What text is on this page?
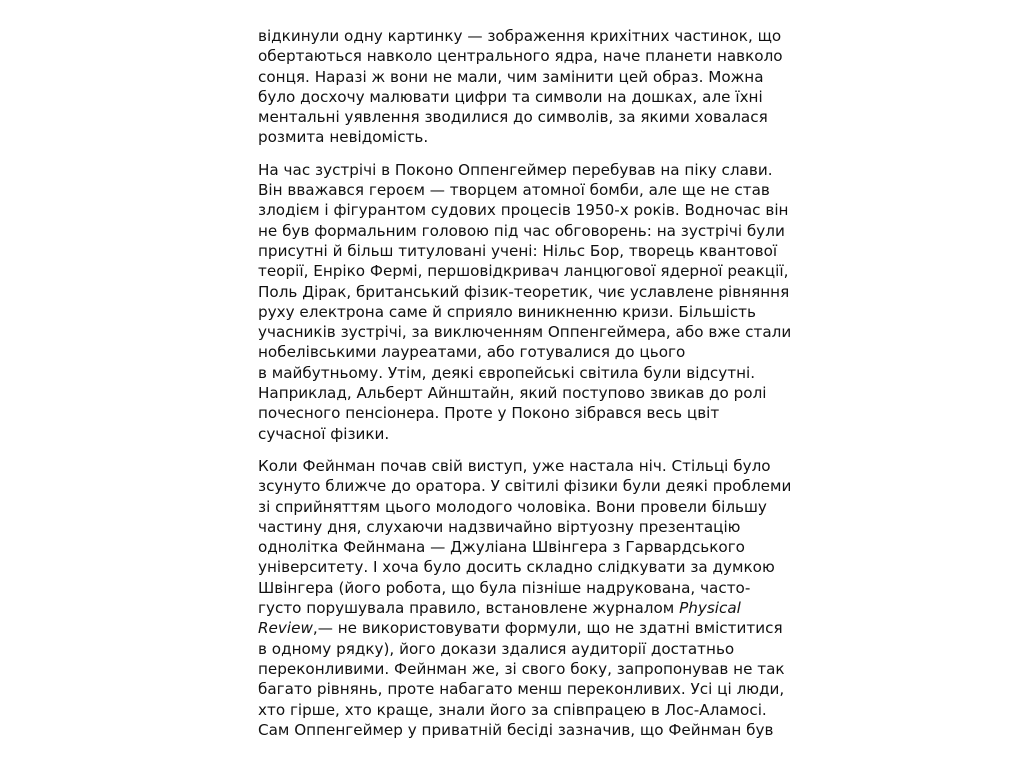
відкинули одну картинку — зображення крихітних частинок, що
обертаються навколо центрального ядра, наче планети навколо
сонця. Наразі ж вони не мали, чим замінити цей образ. Можна
було досхочу малювати цифри та символи на дошках, але їхні
ментальні уявлення зводилися до символів, за якими ховалася
розмита невідомість.

На час зустрічі в Поконо Оппенгеймер перебував на піку слави.
Він вважався героєм — творцем атомної бомби, але ще не став
злодієм і фігурантом судових процесів 1950-х років. Водночас він
не був формальним головою під час обговорень: на зустрічі були
присутні й більш титуловані учені: Нільс Бор, творець квантової
теорії, Енріко Фермі, першовідкривач ланцюгової ядерної реакції,
Поль Дірак, британський фізик-теоретик, чиє уславлене рівняння
руху електрона саме й сприяло виникненню кризи. Більшість
учасників зустрічі, за виключенням Оппенгеймера, або вже стали
нобелівськими лауреатами, або готувалися до цього
в майбутньому. Утім, деякі європейські світила були відсутні.
Наприклад, Альберт Айнштайн, який поступово звикав до ролі
почесного пенсіонера. Проте у Поконо зібрався весь цвіт
сучасної фізики.

Коли Фейнман почав свій виступ, уже настала ніч. Стільці було
зсунуто ближче до оратора. У світилі фізики були деякі проблеми
зі сприйняттям цього молодого чоловіка. Вони провели більшу
частину дня, слухаючи надзвичайно віртуозну презентацію
однолітка Фейнмана — Джуліана Швінгера з Гарвардського
університету. І хоча було досить складно слідкувати за думкою
Швінгера (його робота, що була пізніше надрукована, часто-
густо порушувала правило, встановлене журналом Physical
Review,— не використовувати формули, що не здатні вміститися
в одному рядку), його докази здалися аудиторії достатньо
переконливими. Фейнман же, зі свого боку, запропонував не так
багато рівнянь, проте набагато менш переконливих. Усі ці люди,
хто гірше, хто краще, знали його за співпрацею в Лос-Аламосі.
Сам Оппенгеймер у приватній бесіді зазначив, що Фейнман був
